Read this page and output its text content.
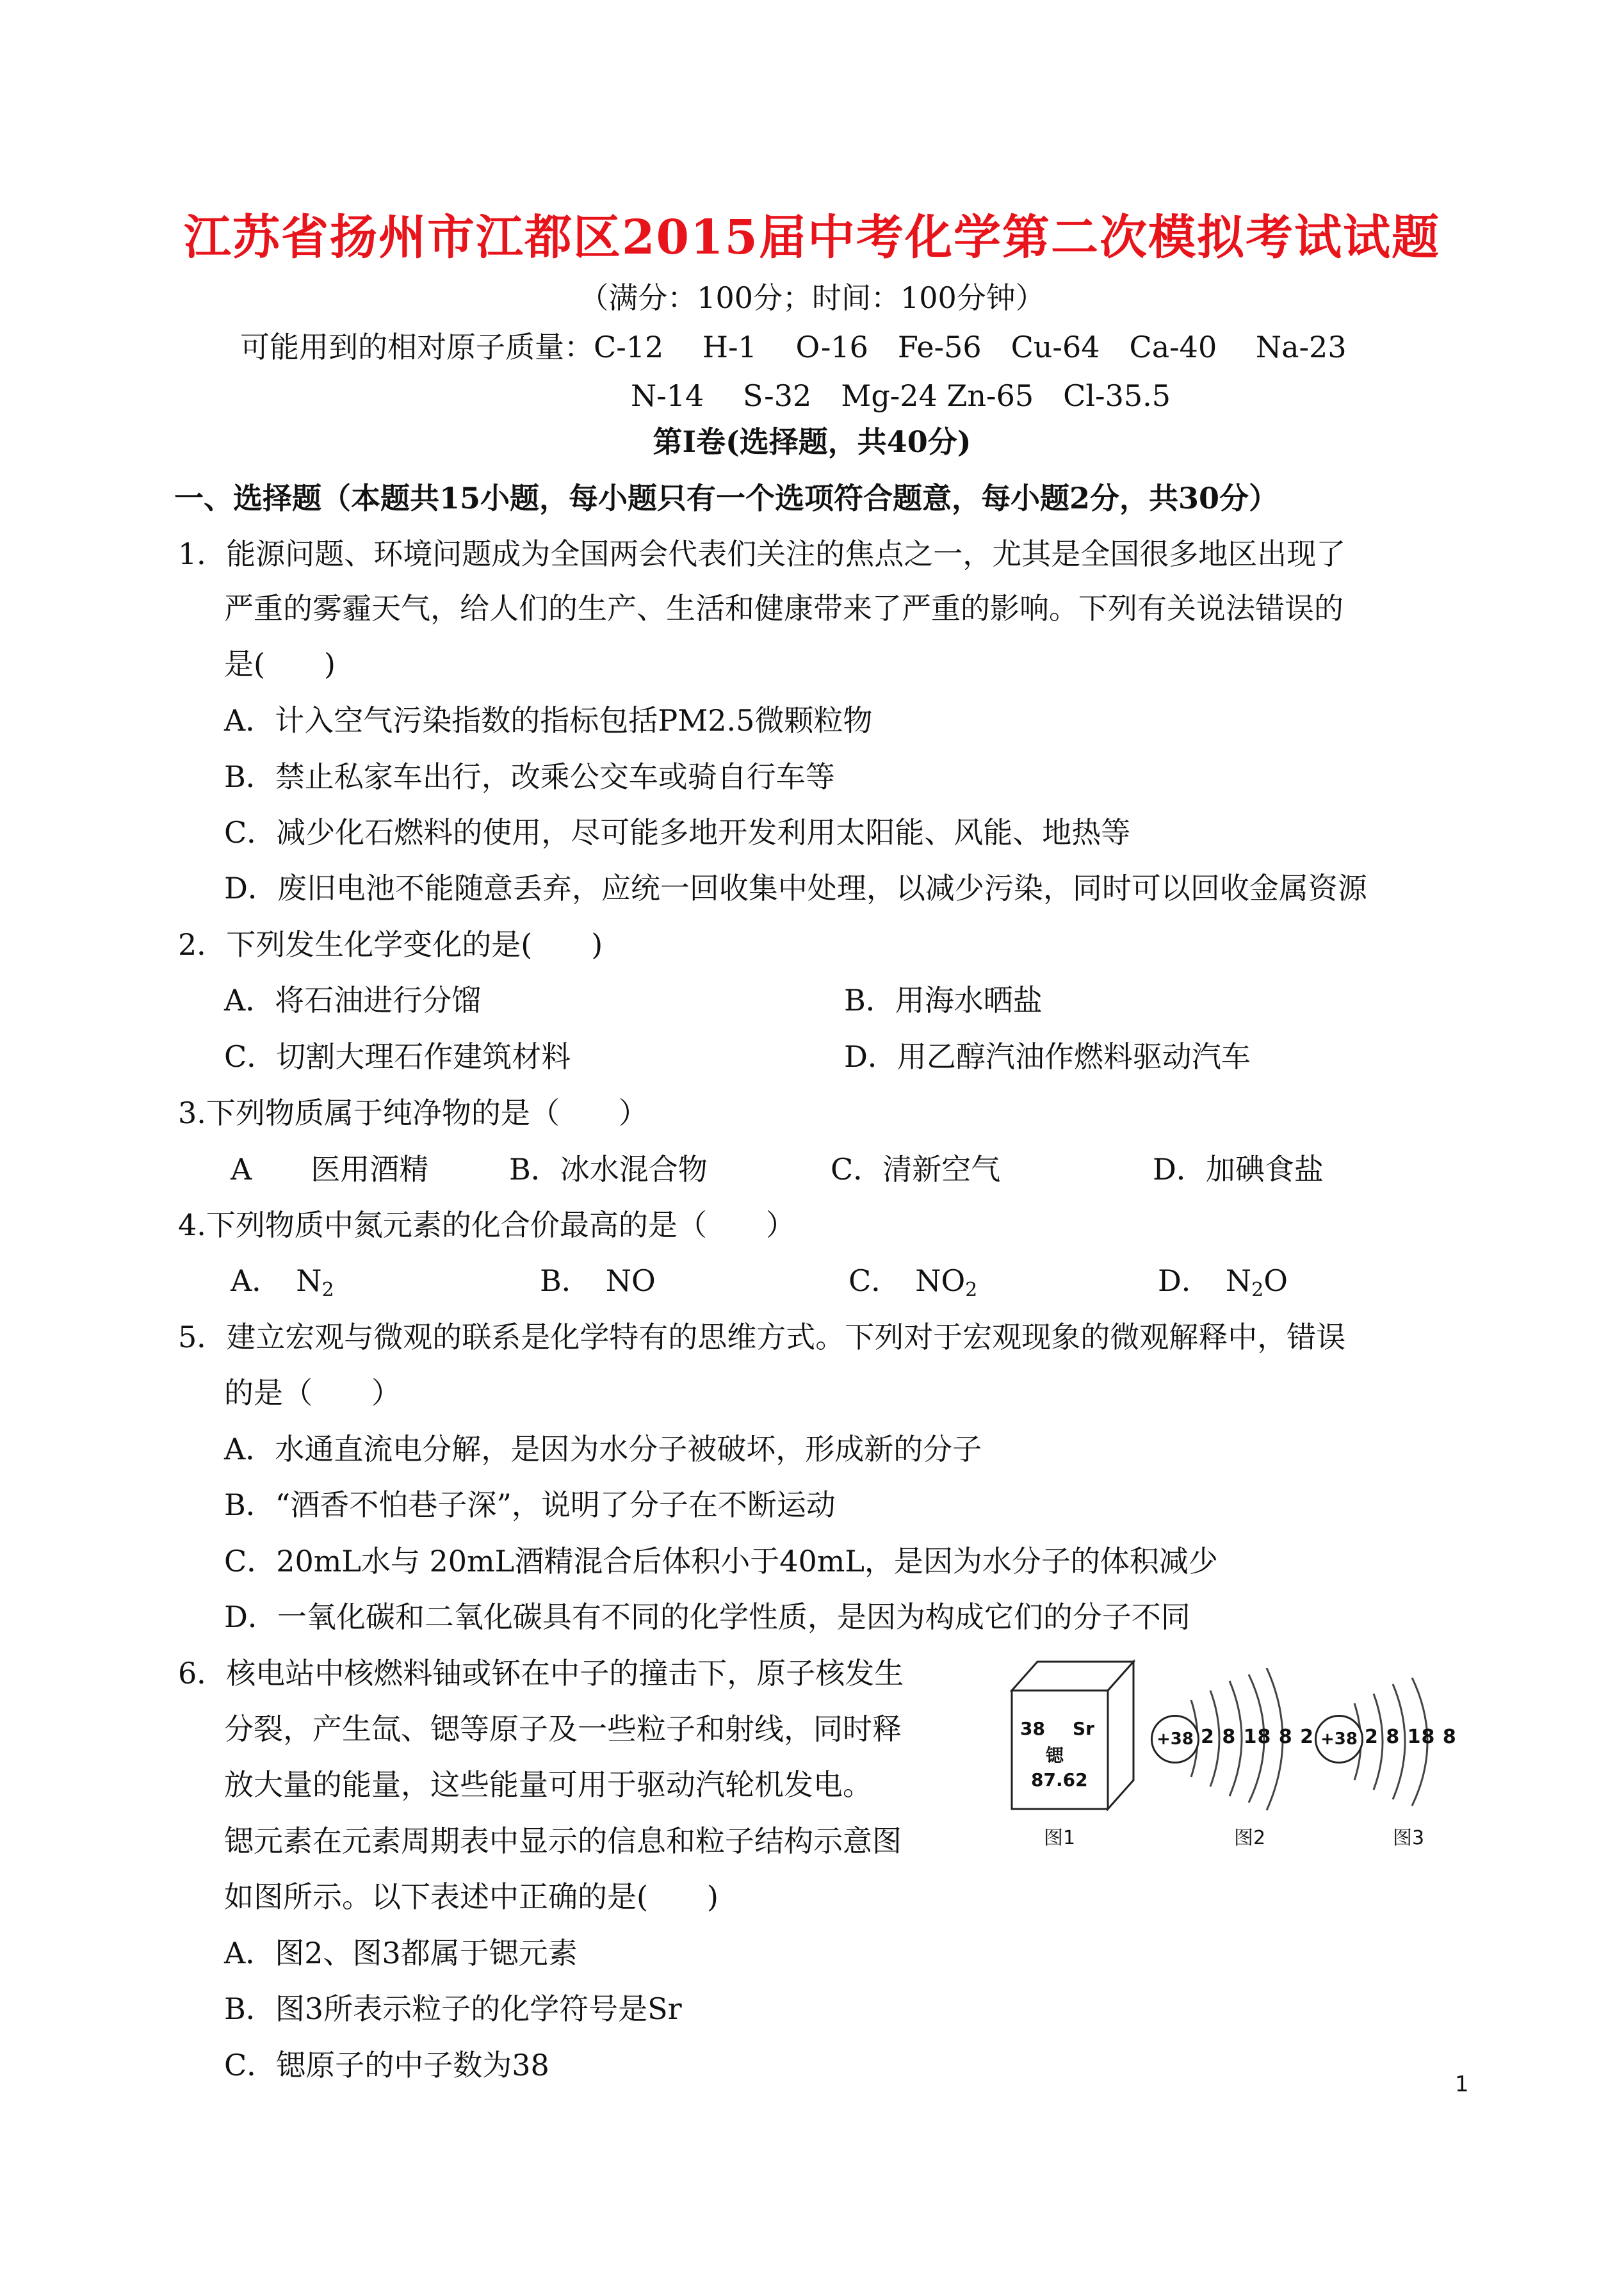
江苏省扬州市江都区2015届中考化学第二次模拟考试试题
（满分：100分；时间：100分钟）
可能用到的相对原子质量：C-12　 H-1　 O-16　Fe-56　Cu-64　Ca-40　 Na-23
N-14　 S-32　Mg-24 Zn-65　Cl-35.5
第Ⅰ卷(选择题，共40分)
一、选择题（本题共15小题，每小题只有一个选项符合题意，每小题2分，共30分）
1．能源问题、环境问题成为全国两会代表们关注的焦点之一，尤其是全国很多地区出现了
严重的雾霾天气，给人们的生产、生活和健康带来了严重的影响。下列有关说法错误的
是(　　)
A．计入空气污染指数的指标包括PM2.5微颗粒物
B．禁止私家车出行，改乘公交车或骑自行车等
C．减少化石燃料的使用，尽可能多地开发利用太阳能、风能、地热等
D．废旧电池不能随意丢弃，应统一回收集中处理，以减少污染，同时可以回收金属资源
2．下列发生化学变化的是(　　)
A．将石油进行分馏	B．用海水晒盐
C．切割大理石作建筑材料	D．用乙醇汽油作燃料驱动汽车
3.下列物质属于纯净物的是（　　）
A　　医用酒精	B．冰水混合物	C．清新空气	D．加碘食盐
4.下列物质中氮元素的化合价最高的是（　　）
A．　 $N_2$	B．　NO	C．　 $NO_2$	D．　 $N_2O$
5．建立宏观与微观的联系是化学特有的思维方式。下列对于宏观现象的微观解释中，错误
的是（　　）
A．水通直流电分解，是因为水分子被破坏，形成新的分子
B．“酒香不怕巷子深”，说明了分子在不断运动
C．20mL水与 20mL酒精混合后体积小于40mL，是因为水分子的体积减少
D．一氧化碳和二氧化碳具有不同的化学性质，是因为构成它们的分子不同
6．核电站中核燃料铀或钚在中子的撞击下，原子核发生
分裂，产生氙、锶等原子及一些粒子和射线，同时释
放大量的能量，这些能量可用于驱动汽轮机发电。
锶元素在元素周期表中显示的信息和粒子结构示意图
如图所示。以下表述中正确的是(　　)
A．图2、图3都属于锶元素
B．图3所表示粒子的化学符号是Sr
C．锶原子的中子数为38
38 Sr
锶
87.62
图1
+38 2 8 18 8 2
图2
+38 2 8 18 8
图3
1
